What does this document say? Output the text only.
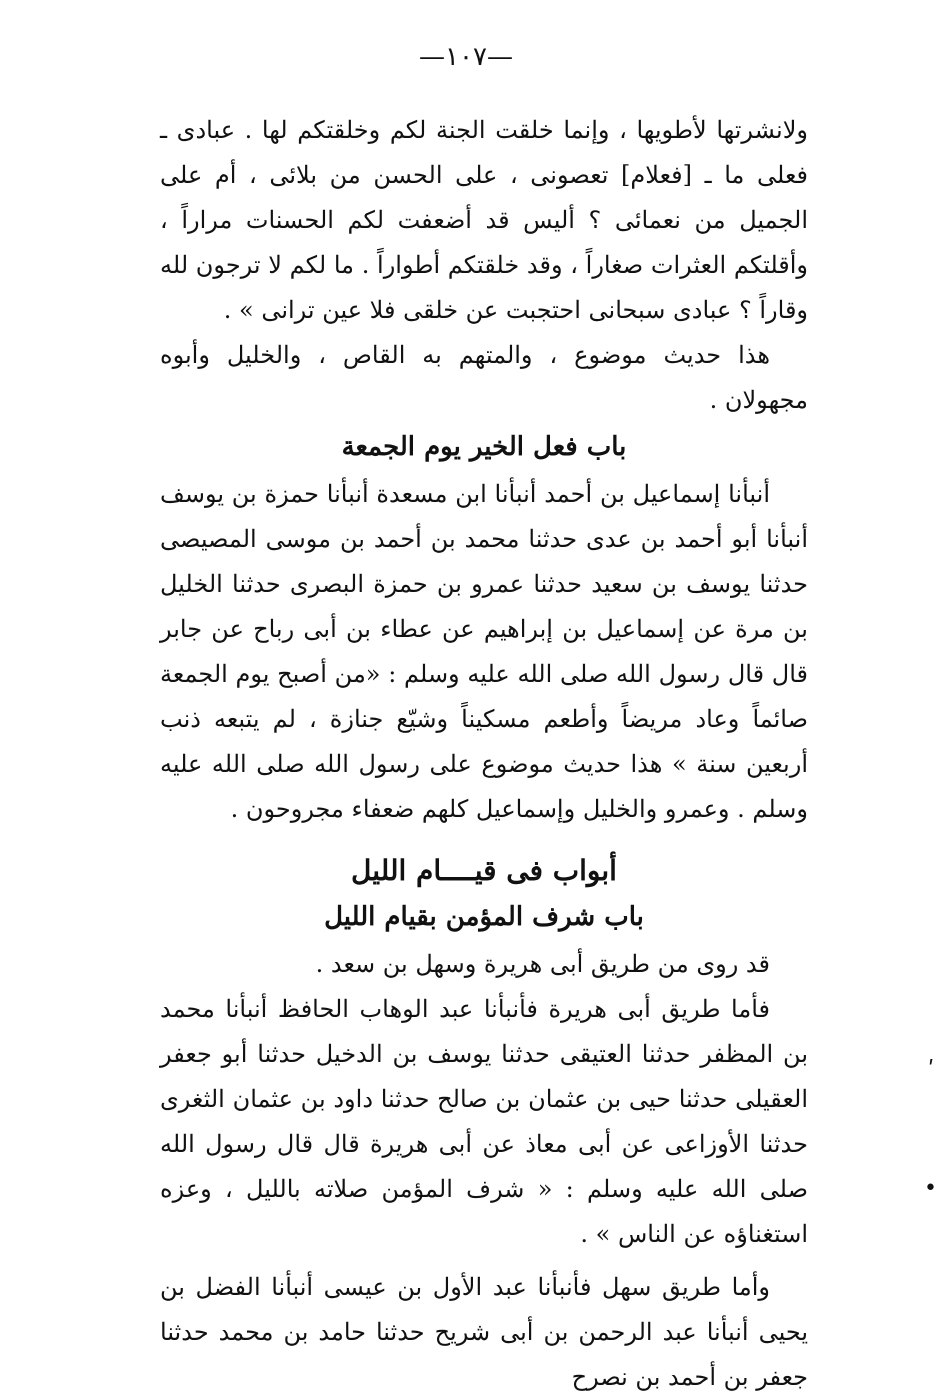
—١٠٧—

ولانشرتها لأطويها ، وإنما خلقت الجنة لكم وخلقتكم لها . عبادى ـ فعلى ما ـ [فعلام] تعصونى ، على الحسن من بلائى ، أم على الجميل من نعمائى ؟ أليس قد أضعفت لكم الحسنات مراراً ، وأقلتكم العثرات صغاراً ، وقد خلقتكم أطواراً . ما لكم لا ترجون لله وقاراً ؟ عبادى سبحانى احتجبت عن خلقى فلا عين ترانى » .

هذا حديث موضوع ، والمتهم به القاص ، والخليل وأبوه مجهولان .

باب فعل الخير يوم الجمعة

أنبأنا إسماعيل بن أحمد أنبأنا ابن مسعدة أنبأنا حمزة بن يوسف أنبأنا أبو أحمد بن عدى حدثنا محمد بن أحمد بن موسى المصيصى حدثنا يوسف بن سعيد حدثنا عمرو بن حمزة البصرى حدثنا الخليل بن مرة عن إسماعيل بن إبراهيم عن عطاء بن أبى رباح عن جابر قال قال رسول الله صلى الله عليه وسلم : «من أصبح يوم الجمعة صائماً وعاد مريضاً وأطعم مسكيناً وشيّع جنازة ، لم يتبعه ذنب أربعين سنة » هذا حديث موضوع على رسول الله صلى الله عليه وسلم . وعمرو والخليل وإسماعيل كلهم ضعفاء مجروحون .

أبواب فى قيــــام الليل

باب شرف المؤمن بقيام الليل

قد روى من طريق أبى هريرة وسهل بن سعد .

فأما طريق أبى هريرة فأنبأنا عبد الوهاب الحافظ أنبأنا محمد بن المظفر حدثنا العتيقى حدثنا يوسف بن الدخيل حدثنا أبو جعفر العقيلى حدثنا حيى بن عثمان بن صالح حدثنا داود بن عثمان الثغرى حدثنا الأوزاعى عن أبى معاذ عن أبى هريرة قال قال رسول الله صلى الله عليه وسلم : « شرف المؤمن صلاته بالليل ، وعزه استغناؤه عن الناس » .

وأما طريق سهل فأنبأنا عبد الأول بن عيسى أنبأنا الفضل بن يحيى أنبأنا عبد الرحمن بن أبى شريح حدثنا حامد بن محمد حدثنا جعفر بن أحمد بن نصرح

ʹ
•
